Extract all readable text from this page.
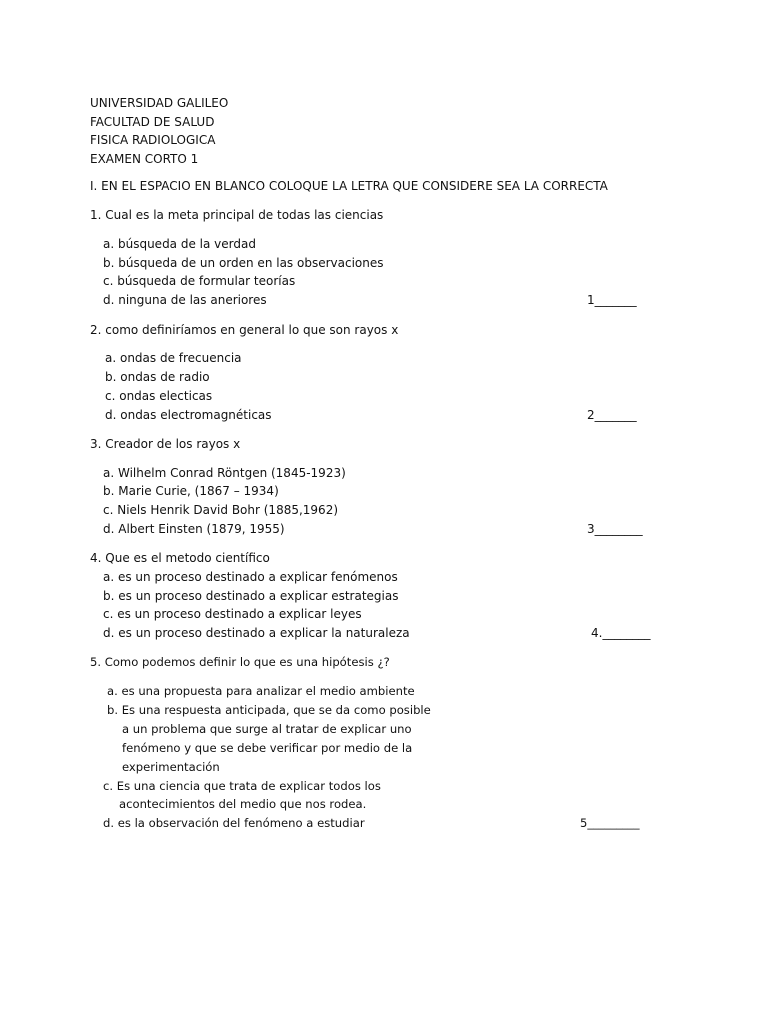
UNIVERSIDAD GALILEO
FACULTAD DE SALUD
FISICA RADIOLOGICA
EXAMEN CORTO 1
I. EN EL ESPACIO EN BLANCO COLOQUE LA LETRA QUE CONSIDERE SEA LA CORRECTA
1. Cual es la meta principal de todas las ciencias
a. búsqueda de la verdad
b. búsqueda de un orden en las observaciones
c. búsqueda de formular teorías
d. ninguna de las aneriores	1_______
2. como definiríamos en general lo que son rayos x
a. ondas de frecuencia
b. ondas de radio
c. ondas electicas
d. ondas electromagnéticas	2_______
3. Creador de los rayos x
a. Wilhelm Conrad Röntgen (1845-1923)
b. Marie Curie, (1867 – 1934)
c. Niels Henrik David Bohr (1885,1962)
d. Albert Einsten (1879, 1955)	3________
4. Que es el metodo científico
a. es un proceso destinado a explicar fenómenos
b. es un proceso destinado a explicar estrategias
c. es un proceso destinado a explicar leyes
d. es un proceso destinado a explicar la naturaleza	4.________
5. Como podemos definir lo que es una hipótesis ¿?
a. es una propuesta para analizar el medio ambiente
b. Es una respuesta anticipada, que se da como posible
a un problema que surge al tratar de explicar uno
fenómeno y que se debe verificar por medio de la
experimentación
c. Es una ciencia que trata de explicar todos los
acontecimientos del medio que nos rodea.
d. es la observación del fenómeno a estudiar	5_________
